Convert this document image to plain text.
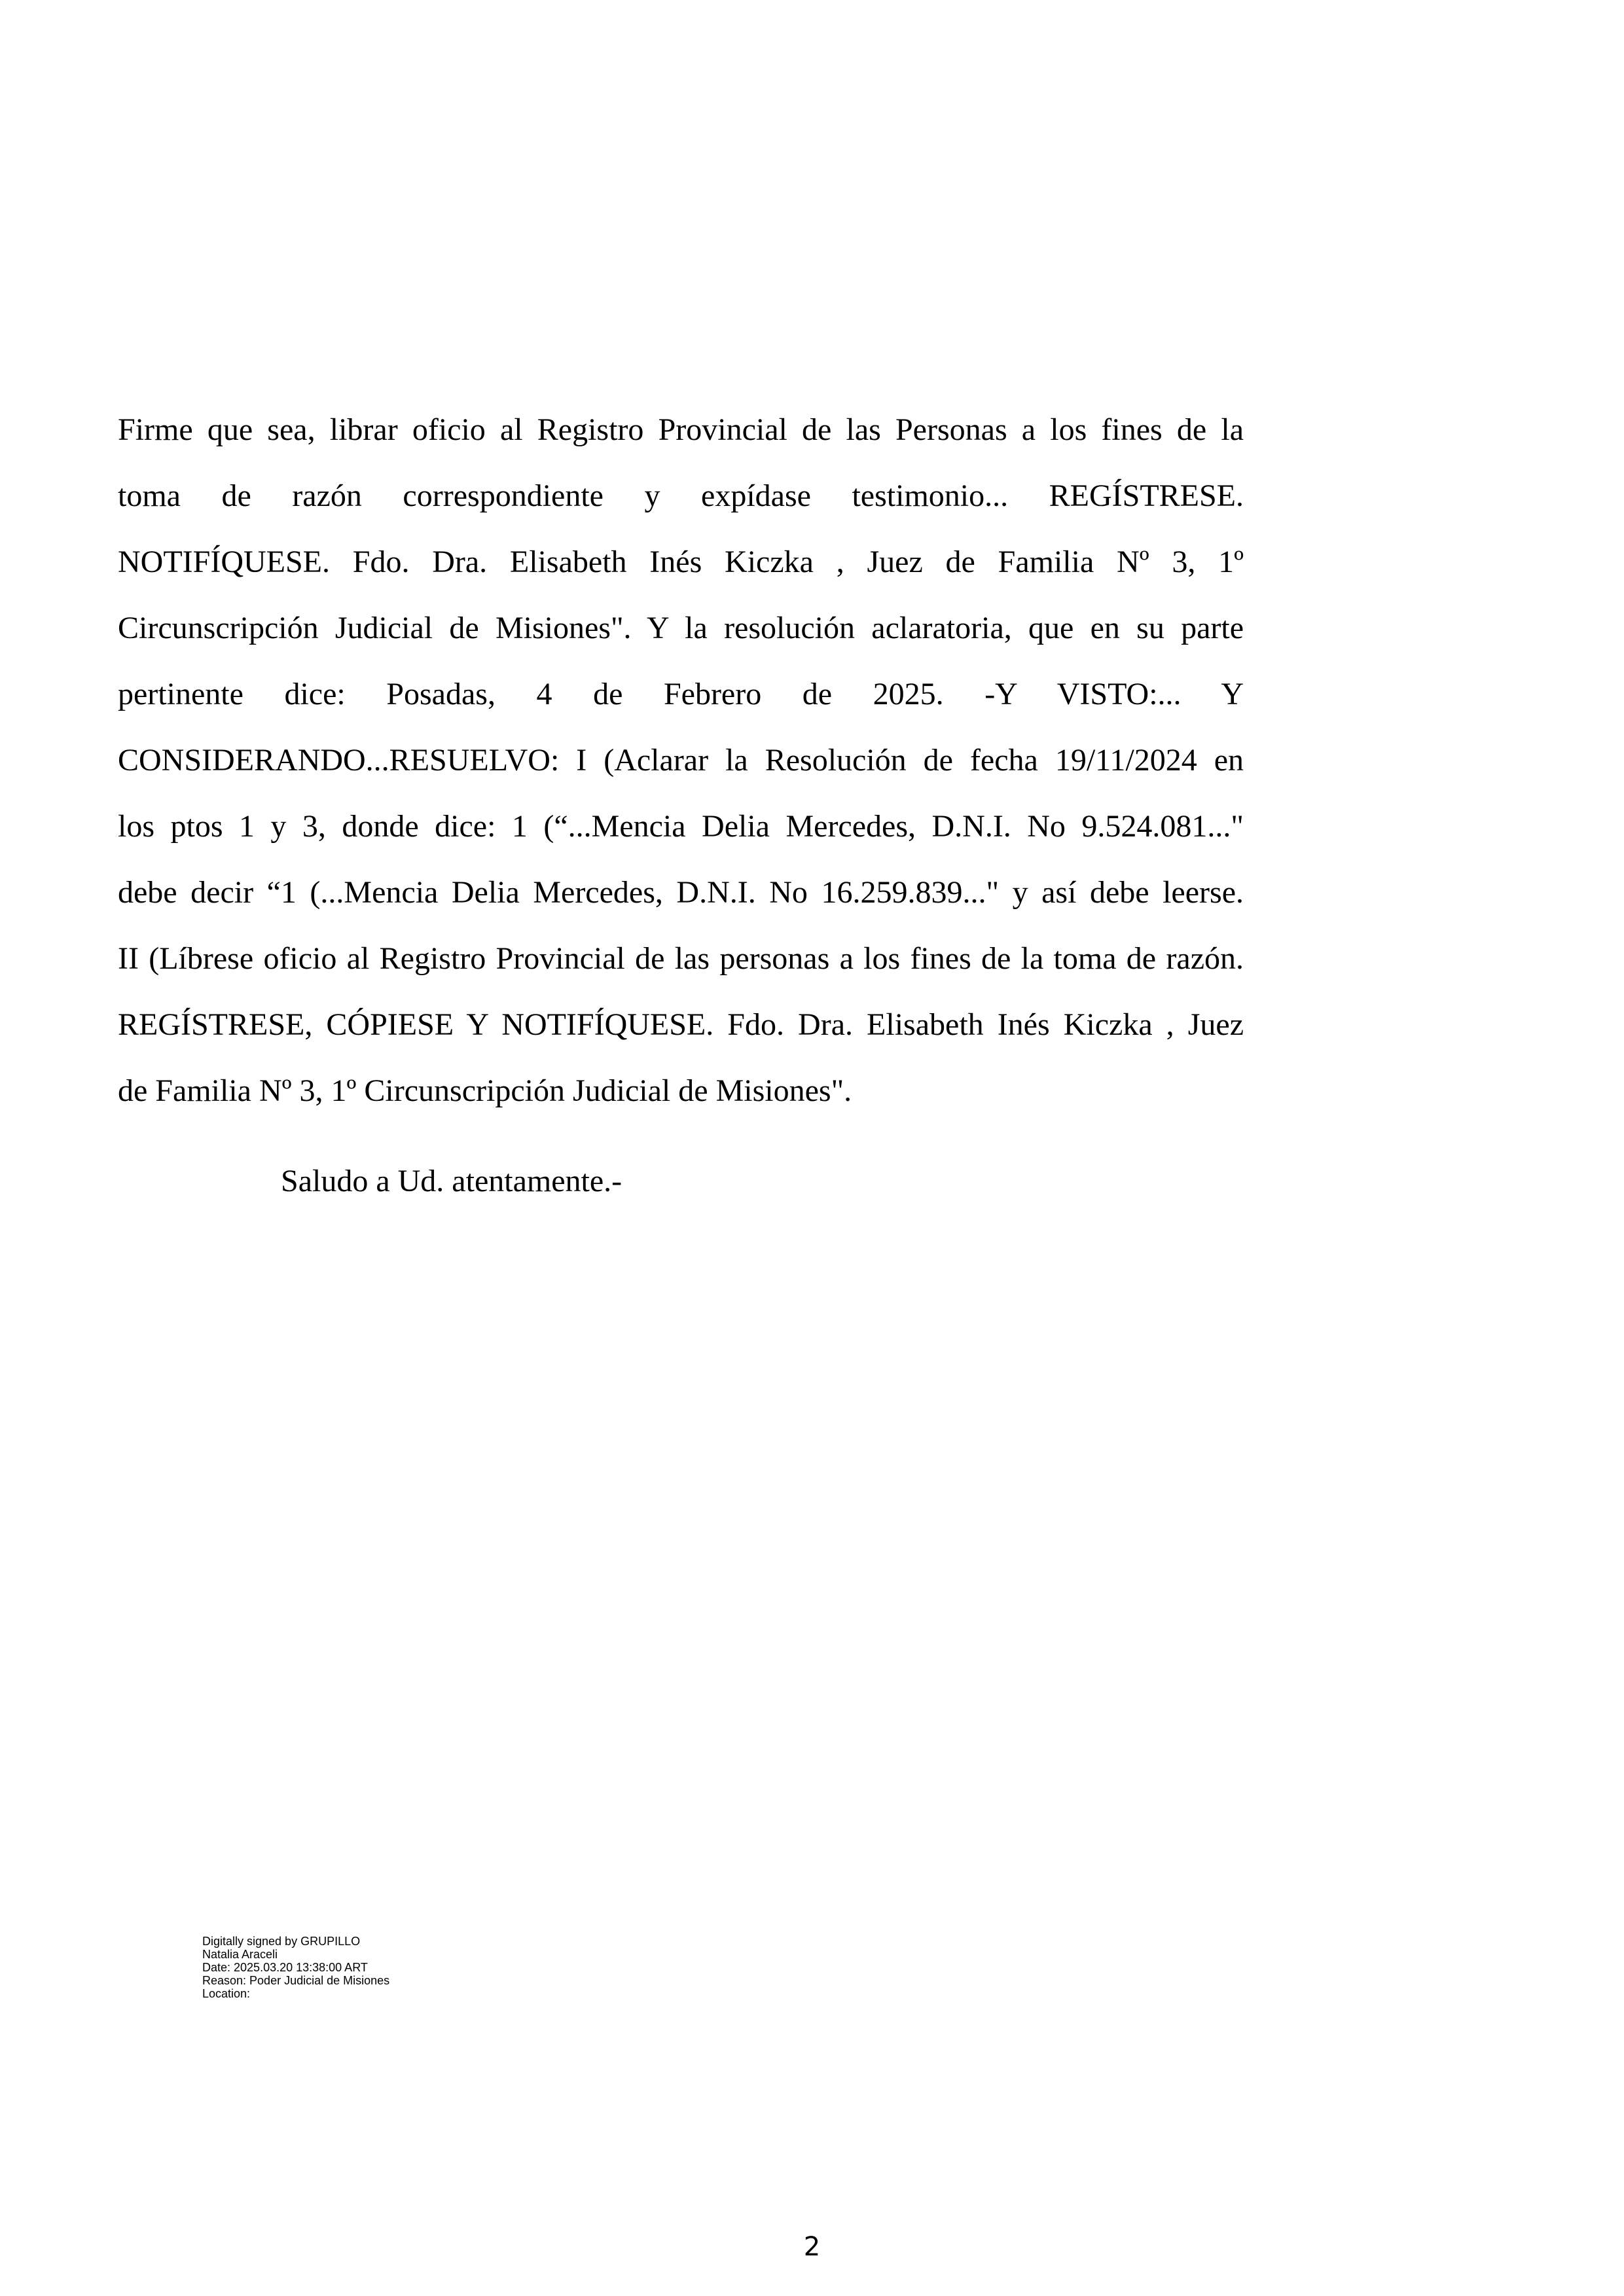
Firme que sea, librar oficio al Registro Provincial de las Personas a los fines de la
toma de razón correspondiente y expídase testimonio... REGÍSTRESE.
NOTIFÍQUESE. Fdo. Dra. Elisabeth Inés Kiczka , Juez de Familia Nº 3, 1º
Circunscripción Judicial de Misiones". Y la resolución aclaratoria, que en su parte
pertinente dice: Posadas, 4 de Febrero de 2025. -Y VISTO:... Y
CONSIDERANDO...RESUELVO: I (Aclarar la Resolución de fecha 19/11/2024 en
los ptos 1 y 3, donde dice: 1 (“...Mencia Delia Mercedes, D.N.I. No 9.524.081..."
debe decir “1 (...Mencia Delia Mercedes, D.N.I. No 16.259.839..." y así debe leerse.
II (Líbrese oficio al Registro Provincial de las personas a los fines de la toma de razón.
REGÍSTRESE, CÓPIESE Y NOTIFÍQUESE. Fdo. Dra. Elisabeth Inés Kiczka , Juez
de Familia Nº 3, 1º Circunscripción Judicial de Misiones".
Saludo a Ud. atentamente.-
Digitally signed by GRUPILLO
Natalia Araceli
Date: 2025.03.20 13:38:00 ART
Reason: Poder Judicial de Misiones
Location:
2
